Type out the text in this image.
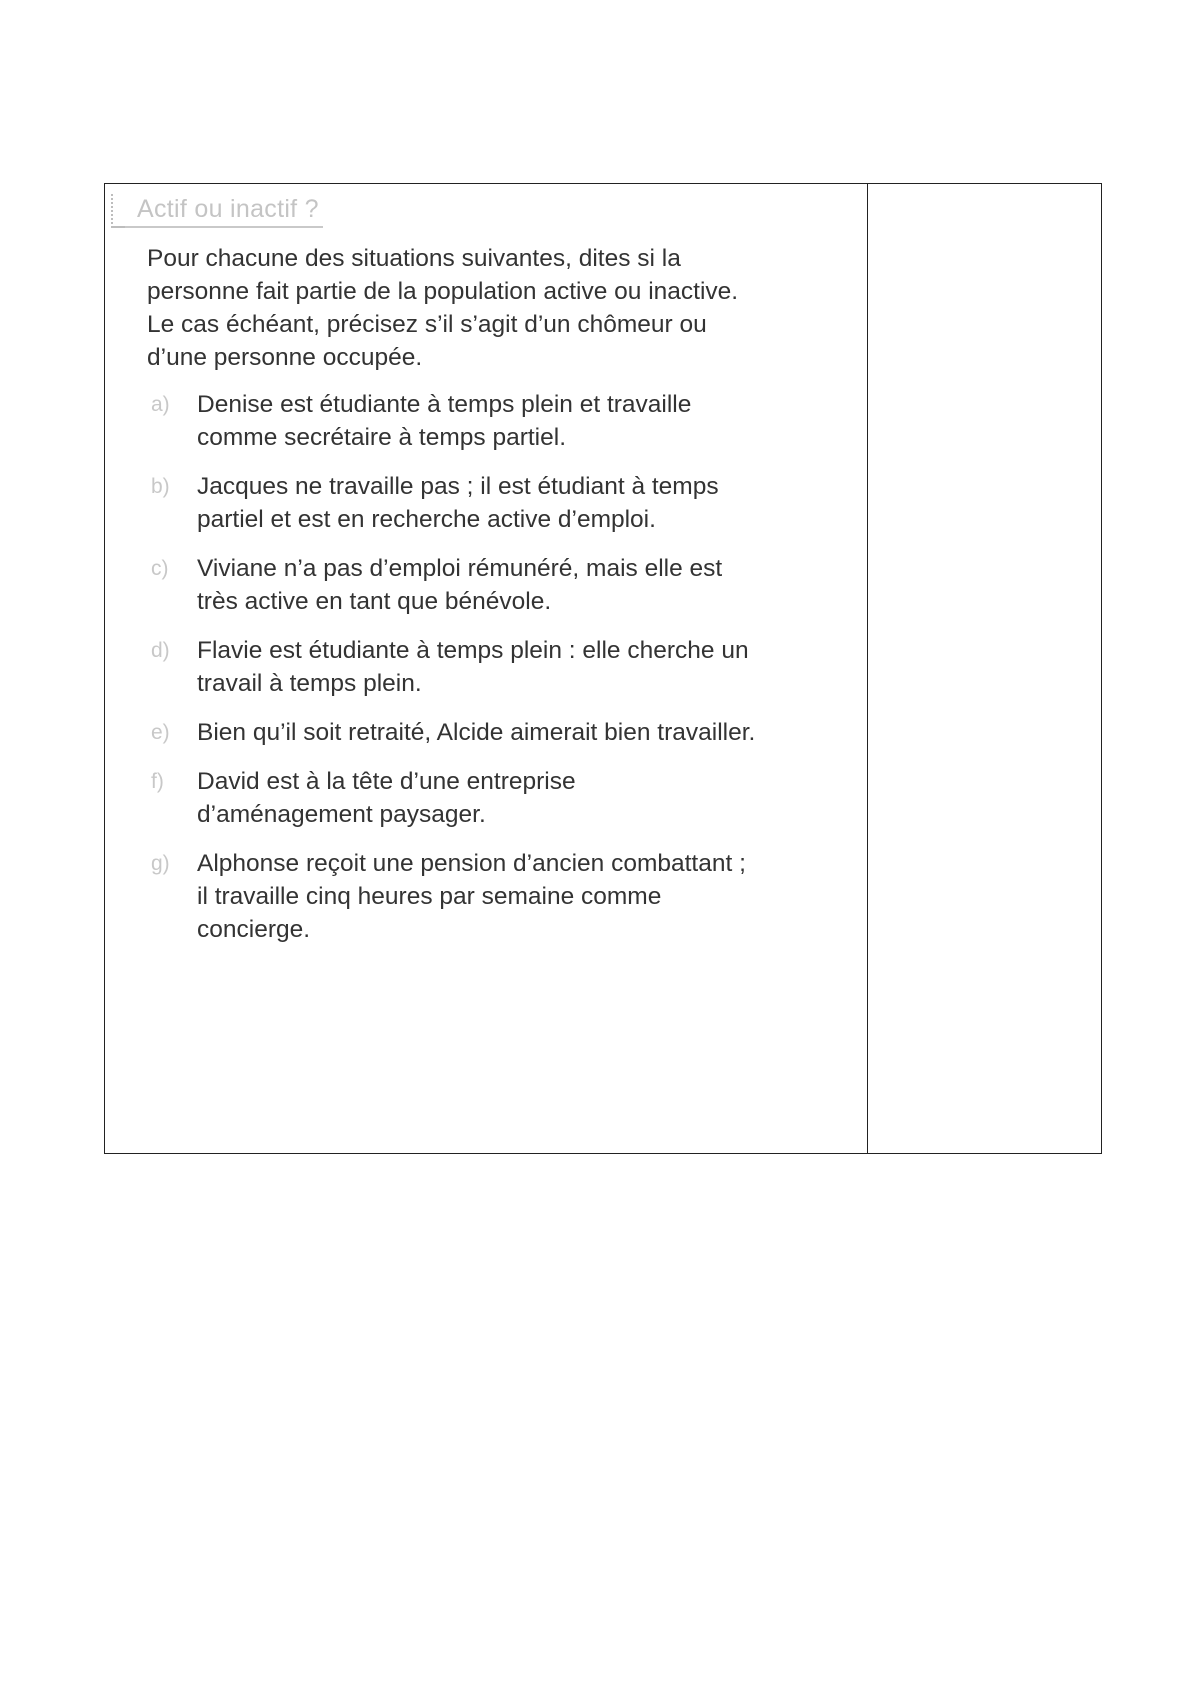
Actif ou inactif ?

Pour chacune des situations suivantes, dites si la personne fait partie de la population active ou inactive. Le cas échéant, précisez s’il s’agit d’un chômeur ou d’une personne occupée.

a)	Denise est étudiante à temps plein et travaille comme secrétaire à temps partiel.
b)	Jacques ne travaille pas ; il est étudiant à temps partiel et est en recherche active d’emploi.
c)	Viviane n’a pas d’emploi rémunéré, mais elle est très active en tant que bénévole.
d)	Flavie est étudiante à temps plein : elle cherche un travail à temps plein.
e)	Bien qu’il soit retraité, Alcide aimerait bien travailler.
f)	David est à la tête d’une entreprise d’aménagement paysager.
g)	Alphonse reçoit une pension d’ancien combattant ; il travaille cinq heures par semaine comme concierge.
